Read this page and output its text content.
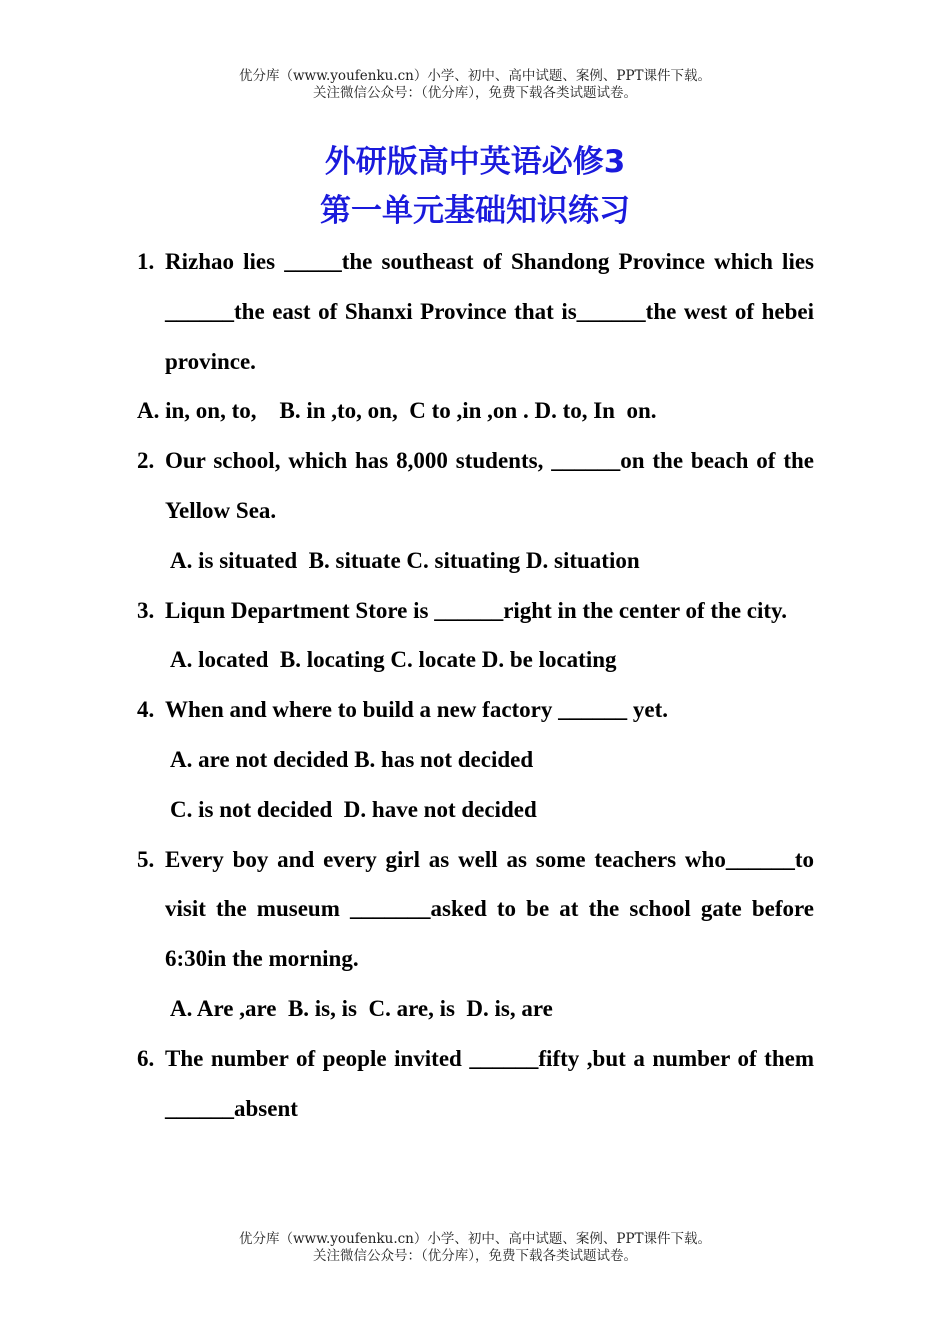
优分库（www.youfenku.cn）小学、初中、高中试题、案例、PPT课件下载。
关注微信公众号：（优分库），免费下载各类试题试卷。
外研版高中英语必修3
第一单元基础知识练习
1. Rizhao lies _____the southeast of Shandong Province which lies ______the east of Shanxi Province that is______the west of hebei province.
A. in, on, to,    B. in ,to, on,  C to ,in ,on . D. to, In  on.
2. Our school, which has 8,000 students, ______on the beach of the Yellow Sea.
A. is situated  B. situate C. situating D. situation
3. Liqun Department Store is ______right in the center of the city.
A. located  B. locating C. locate D. be locating
4. When and where to build a new factory ______ yet.
A. are not decided B. has not decided
C. is not decided  D. have not decided
5. Every boy and every girl as well as some teachers who______to visit the museum _______asked to be at the school gate before 6:30in the morning.
A. Are ,are  B. is, is  C. are, is  D. is, are
6. The number of people invited ______fifty ,but a number of them ______absent
优分库（www.youfenku.cn）小学、初中、高中试题、案例、PPT课件下载。
关注微信公众号：（优分库），免费下载各类试题试卷。
